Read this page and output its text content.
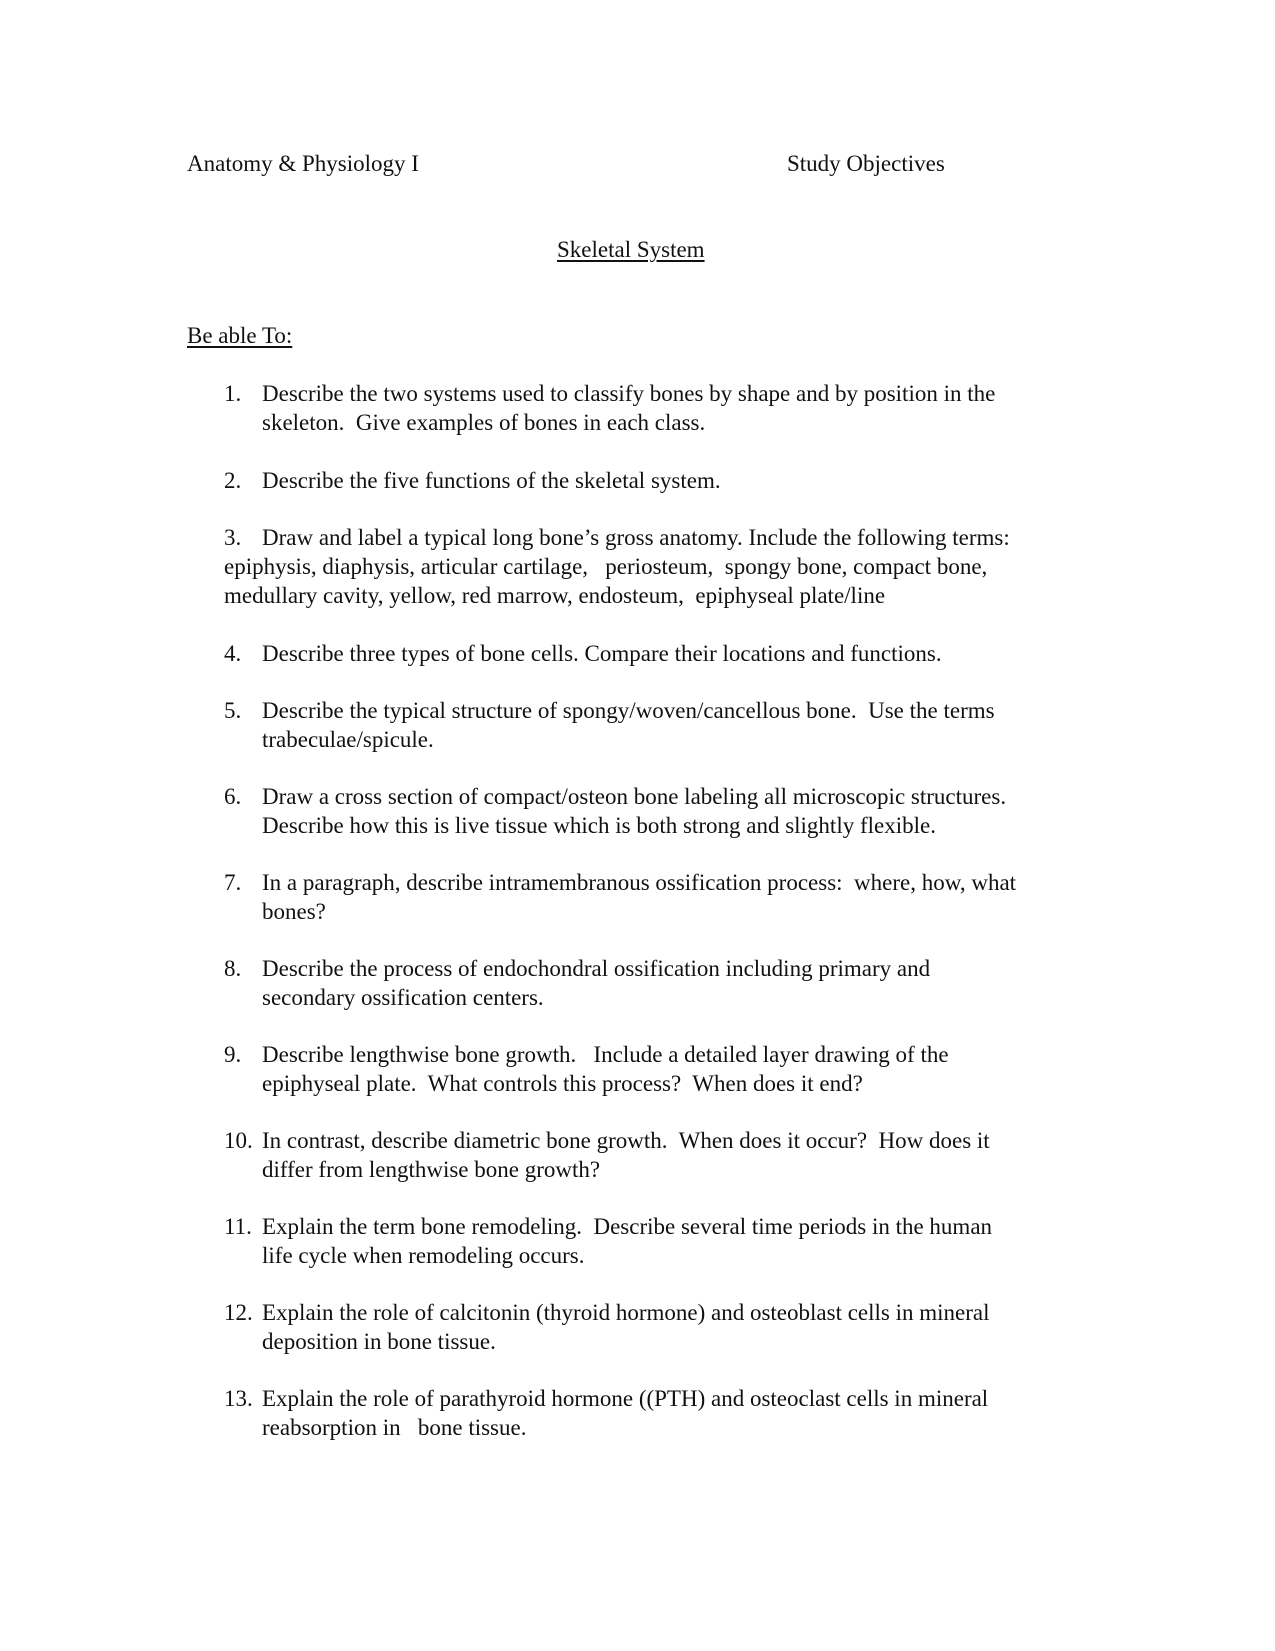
Anatomy & Physiology I	Study Objectives
Skeletal System
Be able To:
1. Describe the two systems used to classify bones by shape and by position in the
skeleton.  Give examples of bones in each class.
2. Describe the five functions of the skeletal system.
3. Draw and label a typical long bone’s gross anatomy. Include the following terms:
epiphysis, diaphysis, articular cartilage,   periosteum,  spongy bone, compact bone,
medullary cavity, yellow, red marrow, endosteum,  epiphyseal plate/line
4. Describe three types of bone cells. Compare their locations and functions.
5. Describe the typical structure of spongy/woven/cancellous bone.  Use the terms
trabeculae/spicule.
6. Draw a cross section of compact/osteon bone labeling all microscopic structures.
Describe how this is live tissue which is both strong and slightly flexible.
7. In a paragraph, describe intramembranous ossification process:  where, how, what
bones?
8. Describe the process of endochondral ossification including primary and
secondary ossification centers.
9. Describe lengthwise bone growth.   Include a detailed layer drawing of the
epiphyseal plate.  What controls this process?  When does it end?
10. In contrast, describe diametric bone growth.  When does it occur?  How does it
differ from lengthwise bone growth?
11. Explain the term bone remodeling.  Describe several time periods in the human
life cycle when remodeling occurs.
12. Explain the role of calcitonin (thyroid hormone) and osteoblast cells in mineral
deposition in bone tissue.
13. Explain the role of parathyroid hormone ((PTH) and osteoclast cells in mineral
reabsorption in   bone tissue.
